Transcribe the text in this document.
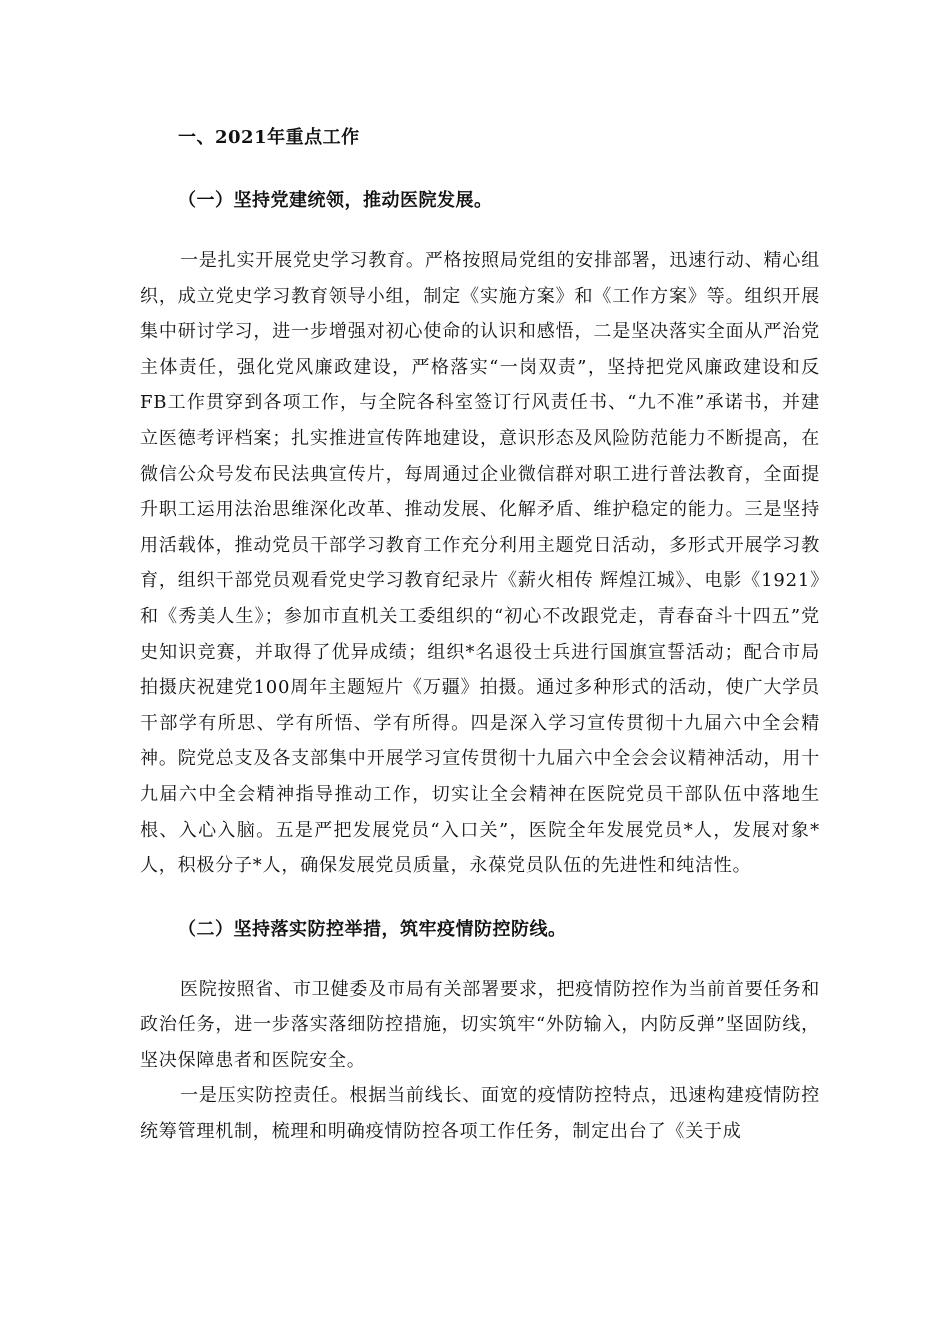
一、2021年重点工作
（一）坚持党建统领，推动医院发展。

一是扎实开展党史学习教育。严格按照局党组的安排部署，迅速行动、精心组织，成立党史学习教育领导小组，制定《实施方案》和《工作方案》等。组织开展集中研讨学习，进一步增强对初心使命的认识和感悟，二是坚决落实全面从严治党主体责任，强化党风廉政建设，严格落实“一岗双责”，坚持把党风廉政建设和反FB工作贯穿到各项工作，与全院各科室签订行风责任书、“九不准”承诺书，并建立医德考评档案；扎实推进宣传阵地建设，意识形态及风险防范能力不断提高，在微信公众号发布民法典宣传片，每周通过企业微信群对职工进行普法教育，全面提升职工运用法治思维深化改革、推动发展、化解矛盾、维护稳定的能力。三是坚持用活载体，推动党员干部学习教育工作充分利用主题党日活动，多形式开展学习教育，组织干部党员观看党史学习教育纪录片《薪火相传 辉煌江城》、电影《1921》和《秀美人生》；参加市直机关工委组织的“初心不改跟党走，青春奋斗十四五”党史知识竞赛，并取得了优异成绩；组织*名退役士兵进行国旗宣誓活动；配合市局拍摄庆祝建党100周年主题短片《万疆》拍摄。通过多种形式的活动，使广大学员干部学有所思、学有所悟、学有所得。四是深入学习宣传贯彻十九届六中全会精神。院党总支及各支部集中开展学习宣传贯彻十九届六中全会会议精神活动，用十九届六中全会精神指导推动工作，切实让全会精神在医院党员干部队伍中落地生根、入心入脑。五是严把发展党员“入口关”，医院全年发展党员*人，发展对象*人，积极分子*人，确保发展党员质量，永葆党员队伍的先进性和纯洁性。

（二）坚持落实防控举措，筑牢疫情防控防线。

医院按照省、市卫健委及市局有关部署要求，把疫情防控作为当前首要任务和政治任务，进一步落实落细防控措施，切实筑牢“外防输入，内防反弹”坚固防线，坚决保障患者和医院安全。

一是压实防控责任。根据当前线长、面宽的疫情防控特点，迅速构建疫情防控统筹管理机制，梳理和明确疫情防控各项工作任务，制定出台了《关于成
